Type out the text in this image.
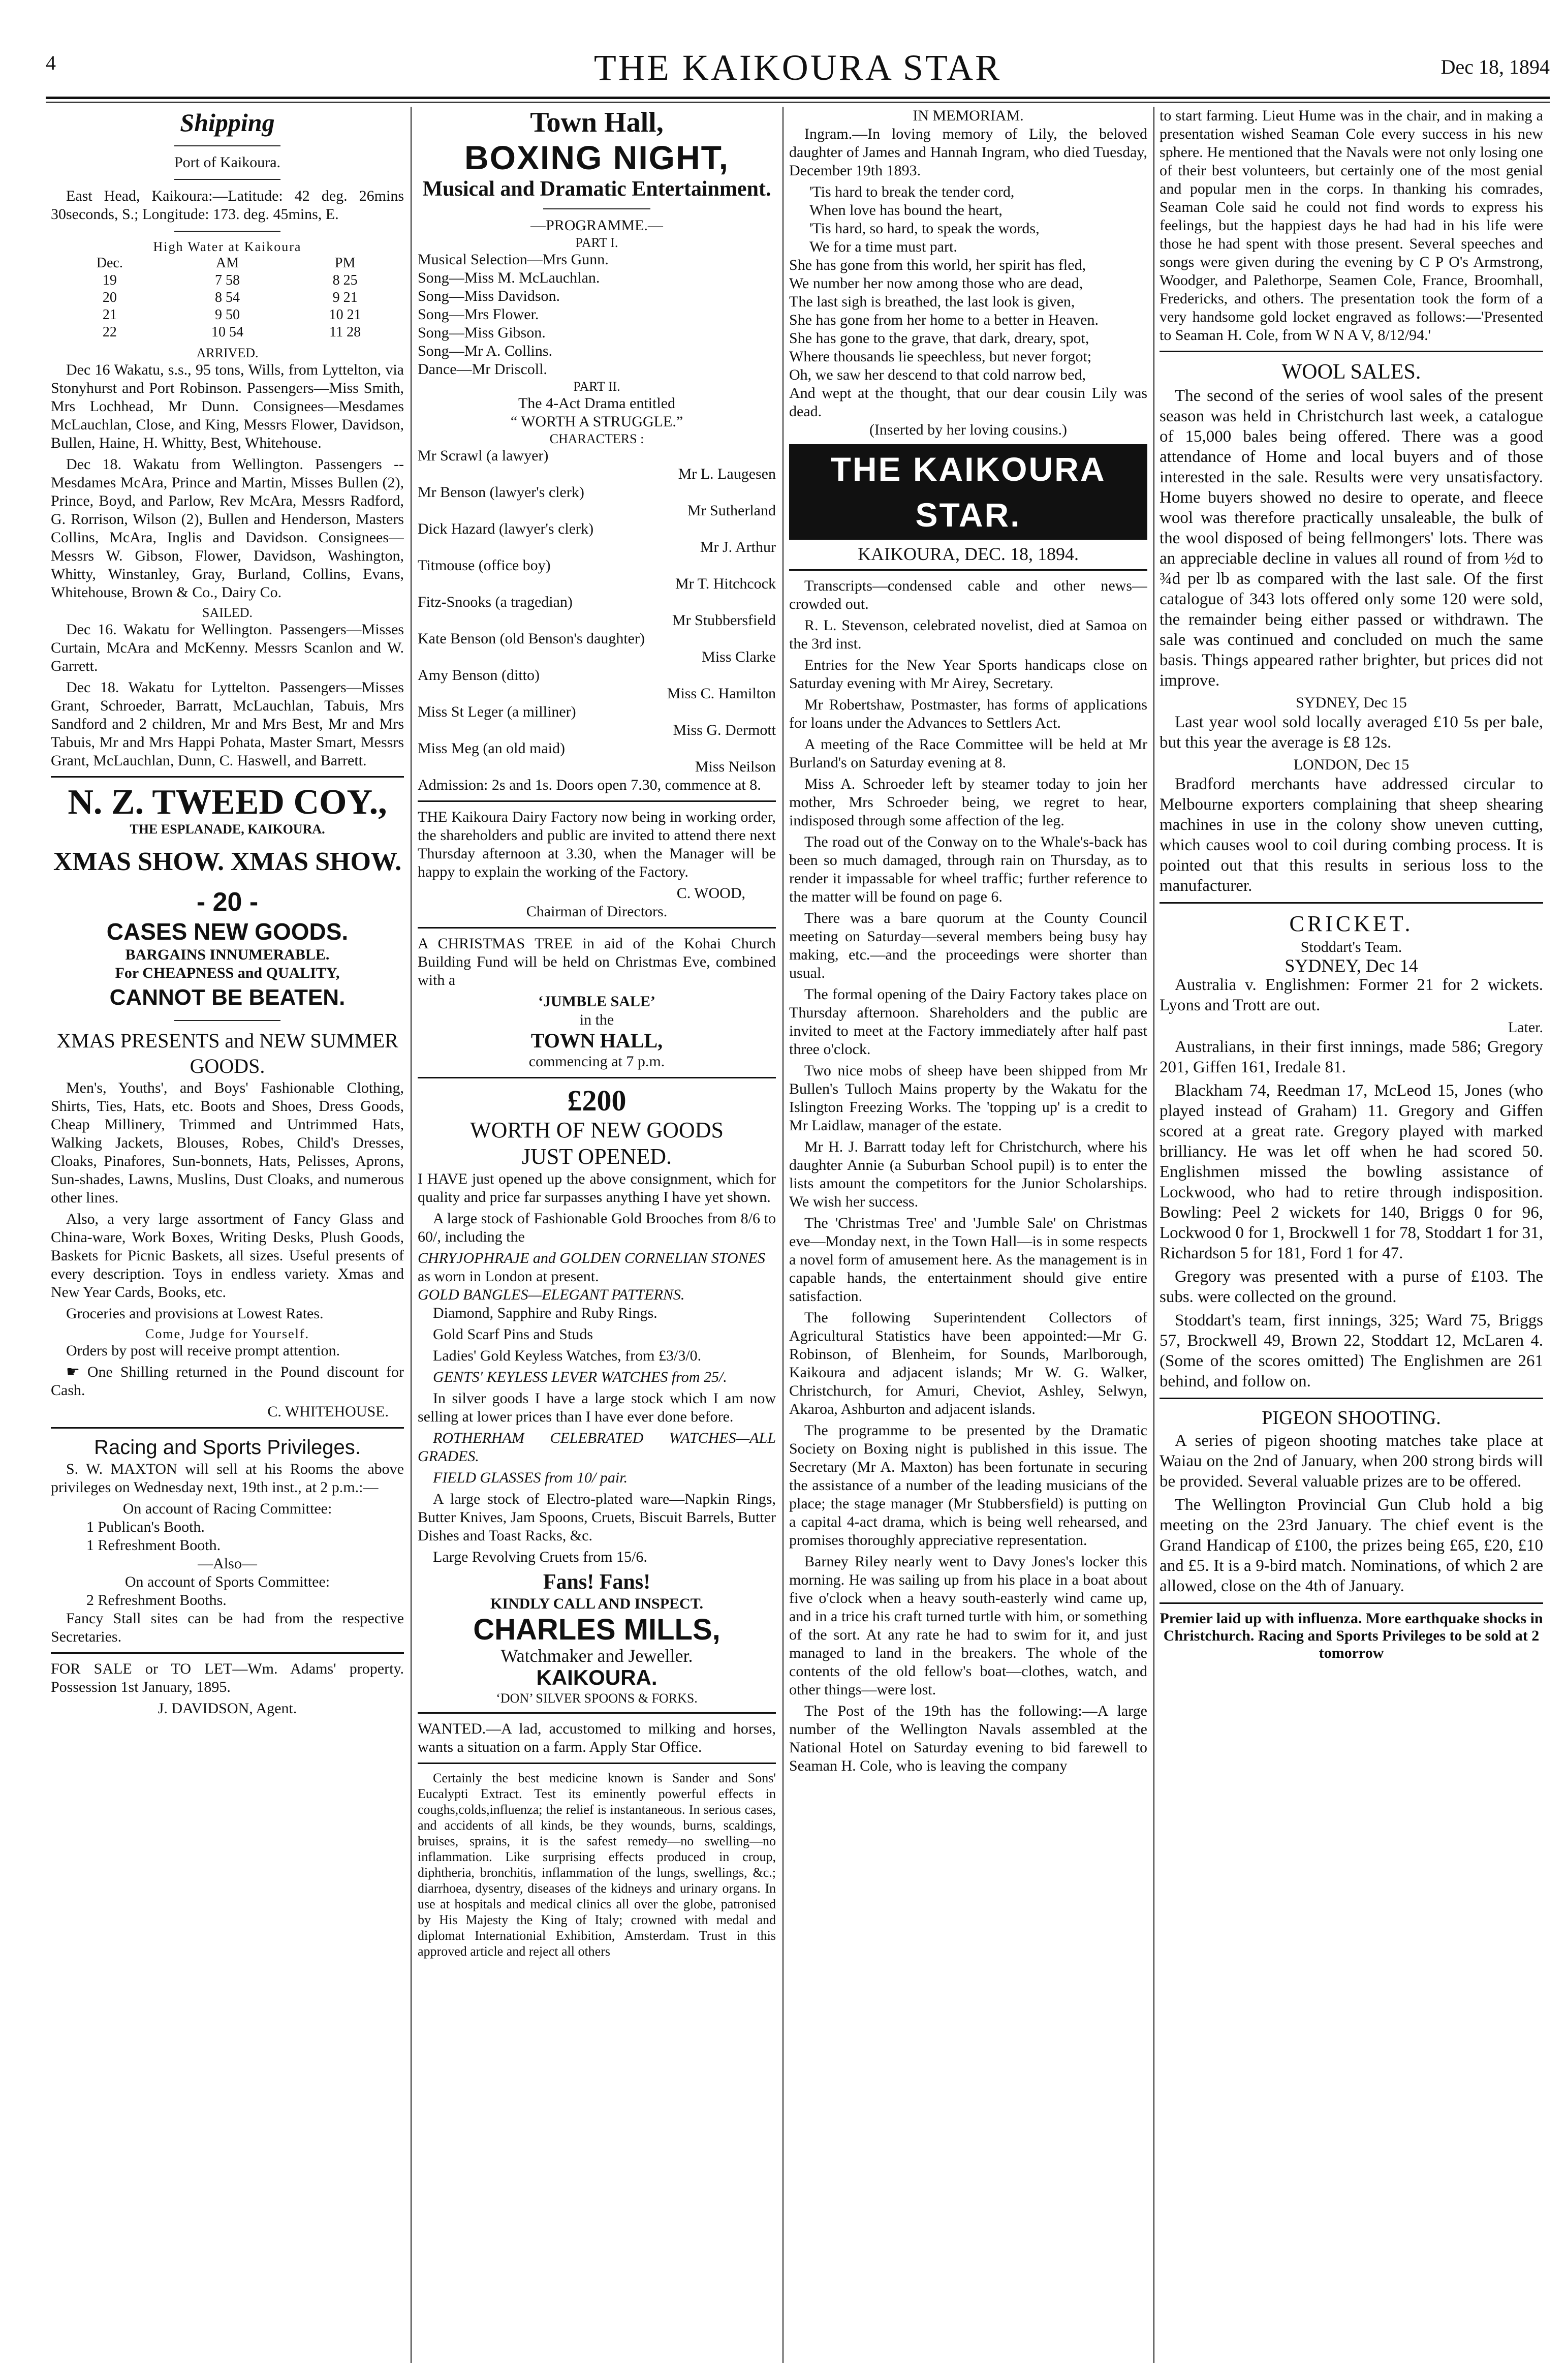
4	THE KAIKOURA STAR	Dec 18, 1894
Shipping
Port of Kaikoura.
East Head, Kaikoura:—Latitude: 42 deg. 26mins 30seconds, S.; Longitude: 173. deg. 45mins, E.
High Water at Kaikoura
Dec.	AM	PM
19	7 58	8 25
20	8 54	9 21
21	9 50	10 21
22	10 54	11 28
ARRIVED.
Dec 16 Wakatu, s.s., 95 tons, Wills, from Lyttelton, via Stonyhurst and Port Robinson. Passengers—Miss Smith, Mrs Lochhead, Mr Dunn. Consignees—Mesdames McLauchlan, Close, and King, Messrs Flower, Davidson, Bullen, Haine, H. Whitty, Best, Whitehouse.
Dec 18. Wakatu from Wellington. Passengers -- Mesdames McAra, Prince and Martin, Misses Bullen (2), Prince, Boyd, and Parlow, Rev McAra, Messrs Radford, G. Rorrison, Wilson (2), Bullen and Henderson, Masters Collins, McAra, Inglis and Davidson. Consignees—Messrs W. Gibson, Flower, Davidson, Washington, Whitty, Winstanley, Gray, Burland, Collins, Evans, Whitehouse, Brown & Co., Dairy Co.
SAILED.
Dec 16. Wakatu for Wellington. Passengers—Misses Curtain, McAra and McKenny. Messrs Scanlon and W. Garrett.
Dec 18. Wakatu for Lyttelton. Passengers—Misses Grant, Schroeder, Barratt, McLauchlan, Tabuis, Mrs Sandford and 2 children, Mr and Mrs Best, Mr and Mrs Tabuis, Mr and Mrs Happi Pohata, Master Smart, Messrs Grant, McLauchlan, Dunn, C. Haswell, and Barrett.
N. Z. TWEED COY.,
THE ESPLANADE, KAIKOURA.
XMAS SHOW. XMAS SHOW.
- 20 -
CASES NEW GOODS.
BARGAINS INNUMERABLE.
For CHEAPNESS and QUALITY,
CANNOT BE BEATEN.
XMAS PRESENTS and NEW SUMMER GOODS.
Men's, Youths', and Boys' Fashionable Clothing, Shirts, Ties, Hats, etc. Boots and Shoes, Dress Goods, Cheap Millinery, Trimmed and Untrimmed Hats, Walking Jackets, Blouses, Robes, Child's Dresses, Cloaks, Pinafores, Sun-bonnets, Hats, Pelisses, Aprons, Sun-shades, Lawns, Muslins, Dust Cloaks, and numerous other lines.
Also, a very large assortment of Fancy Glass and China-ware, Work Boxes, Writing Desks, Plush Goods, Baskets for Picnic Baskets, all sizes. Useful presents of every description. Toys in endless variety. Xmas and New Year Cards, Books, etc.
Groceries and provisions at Lowest Rates.
Come, Judge for Yourself.
Orders by post will receive prompt attention.
☛ One Shilling returned in the Pound discount for Cash.
C. WHITEHOUSE.
Racing and Sports Privileges.
S. W. MAXTON will sell at his Rooms the above privileges on Wednesday next, 19th inst., at 2 p.m.:—
On account of Racing Committee:
1 Publican's Booth.
1 Refreshment Booth.
—Also—
On account of Sports Committee:
2 Refreshment Booths.
Fancy Stall sites can be had from the respective Secretaries.
FOR SALE or TO LET—Wm. Adams' property. Possession 1st January, 1895.
J. DAVIDSON, Agent.
Town Hall,
BOXING NIGHT,
Musical and Dramatic Entertainment.
—PROGRAMME.—
PART I.
Musical Selection—Mrs Gunn.
Song—Miss M. McLauchlan.
Song—Miss Davidson.
Song—Mrs Flower.
Song—Miss Gibson.
Song—Mr A. Collins.
Dance—Mr Driscoll.
PART II.
The 4-Act Drama entitled
“ WORTH A STRUGGLE.”
CHARACTERS :
Mr Scrawl (a lawyer)
Mr L. Laugesen
Mr Benson (lawyer's clerk)
Mr Sutherland
Dick Hazard (lawyer's clerk)
Mr J. Arthur
Titmouse (office boy)
Mr T. Hitchcock
Fitz-Snooks (a tragedian)
Mr Stubbersfield
Kate Benson (old Benson's daughter)
Miss Clarke
Amy Benson (ditto)
Miss C. Hamilton
Miss St Leger (a milliner)
Miss G. Dermott
Miss Meg (an old maid)
Miss Neilson
Admission: 2s and 1s. Doors open 7.30, commence at 8.
THE Kaikoura Dairy Factory now being in working order, the shareholders and public are invited to attend there next Thursday afternoon at 3.30, when the Manager will be happy to explain the working of the Factory.
C. WOOD,
Chairman of Directors.
A CHRISTMAS TREE in aid of the Kohai Church Building Fund will be held on Christmas Eve, combined with a
‘JUMBLE SALE’
in the
TOWN HALL,
commencing at 7 p.m.
£200
WORTH OF NEW GOODS
JUST OPENED.
I HAVE just opened up the above consignment, which for quality and price far surpasses anything I have yet shown.
A large stock of Fashionable Gold Brooches from 8/6 to 60/, including the
CHRYJOPHRAJE and GOLDEN CORNELIAN STONES
as worn in London at present.
GOLD BANGLES—ELEGANT PATTERNS.
Diamond, Sapphire and Ruby Rings.
Gold Scarf Pins and Studs
Ladies' Gold Keyless Watches, from £3/3/0.
GENTS' KEYLESS LEVER WATCHES from 25/.
In silver goods I have a large stock which I am now selling at lower prices than I have ever done before.
ROTHERHAM CELEBRATED WATCHES—ALL GRADES.
FIELD GLASSES from 10/ pair.
A large stock of Electro-plated ware—Napkin Rings, Butter Knives, Jam Spoons, Cruets, Biscuit Barrels, Butter Dishes and Toast Racks, &c.
Large Revolving Cruets from 15/6.
Fans! Fans!
KINDLY CALL AND INSPECT.
CHARLES MILLS,
Watchmaker and Jeweller.
KAIKOURA.
‘DON’ SILVER SPOONS & FORKS.
WANTED.—A lad, accustomed to milking and horses, wants a situation on a farm. Apply Star Office.
Certainly the best medicine known is Sander and Sons' Eucalypti Extract. Test its eminently powerful effects in coughs,colds,influenza; the relief is instantaneous. In serious cases, and accidents of all kinds, be they wounds, burns, scaldings, bruises, sprains, it is the safest remedy—no swelling—no inflammation. Like surprising effects produced in croup, diphtheria, bronchitis, inflammation of the lungs, swellings, &c.; diarrhoea, dysentry, diseases of the kidneys and urinary organs. In use at hospitals and medical clinics all over the globe, patronised by His Majesty the King of Italy; crowned with medal and diplomat Internationial Exhibition, Amsterdam. Trust in this approved article and reject all others
IN MEMORIAM.
Ingram.—In loving memory of Lily, the beloved daughter of James and Hannah Ingram, who died Tuesday, December 19th 1893.
'Tis hard to break the tender cord,
When love has bound the heart,
'Tis hard, so hard, to speak the words,
We for a time must part.
She has gone from this world, her spirit has fled,
We number her now among those who are dead,
The last sigh is breathed, the last look is given,
She has gone from her home to a better in Heaven.
She has gone to the grave, that dark, dreary, spot,
Where thousands lie speechless, but never forgot;
Oh, we saw her descend to that cold narrow bed,
And wept at the thought, that our dear cousin Lily was dead.
(Inserted by her loving cousins.)
THE KAIKOURA STAR.
KAIKOURA, DEC. 18, 1894.
Transcripts—condensed cable and other news—crowded out.
R. L. Stevenson, celebrated novelist, died at Samoa on the 3rd inst.
Entries for the New Year Sports handicaps close on Saturday evening with Mr Airey, Secretary.
Mr Robertshaw, Postmaster, has forms of applications for loans under the Advances to Settlers Act.
A meeting of the Race Committee will be held at Mr Burland's on Saturday evening at 8.
Miss A. Schroeder left by steamer today to join her mother, Mrs Schroeder being, we regret to hear, indisposed through some affection of the leg.
The road out of the Conway on to the Whale's-back has been so much damaged, through rain on Thursday, as to render it impassable for wheel traffic; further reference to the matter will be found on page 6.
There was a bare quorum at the County Council meeting on Saturday—several members being busy hay making, etc.—and the proceedings were shorter than usual.
The formal opening of the Dairy Factory takes place on Thursday afternoon. Shareholders and the public are invited to meet at the Factory immediately after half past three o'clock.
Two nice mobs of sheep have been shipped from Mr Bullen's Tulloch Mains property by the Wakatu for the Islington Freezing Works. The 'topping up' is a credit to Mr Laidlaw, manager of the estate.
Mr H. J. Barratt today left for Christchurch, where his daughter Annie (a Suburban School pupil) is to enter the lists amount the competitors for the Junior Scholarships. We wish her success.
The 'Christmas Tree' and 'Jumble Sale' on Christmas eve—Monday next, in the Town Hall—is in some respects a novel form of amusement here. As the management is in capable hands, the entertainment should give entire satisfaction.
The following Superintendent Collectors of Agricultural Statistics have been appointed:—Mr G. Robinson, of Blenheim, for Sounds, Marlborough, Kaikoura and adjacent islands; Mr W. G. Walker, Christchurch, for Amuri, Cheviot, Ashley, Selwyn, Akaroa, Ashburton and adjacent islands.
The programme to be presented by the Dramatic Society on Boxing night is published in this issue. The Secretary (Mr A. Maxton) has been fortunate in securing the assistance of a number of the leading musicians of the place; the stage manager (Mr Stubbersfield) is putting on a capital 4-act drama, which is being well rehearsed, and promises thoroughly appreciative representation.
Barney Riley nearly went to Davy Jones's locker this morning. He was sailing up from his place in a boat about five o'clock when a heavy south-easterly wind came up, and in a trice his craft turned turtle with him, or something of the sort. At any rate he had to swim for it, and just managed to land in the breakers. The whole of the contents of the old fellow's boat—clothes, watch, and other things—were lost.
The Post of the 19th has the following:—A large number of the Wellington Navals assembled at the National Hotel on Saturday evening to bid farewell to Seaman H. Cole, who is leaving the company
to start farming. Lieut Hume was in the chair, and in making a presentation wished Seaman Cole every success in his new sphere. He mentioned that the Navals were not only losing one of their best volunteers, but certainly one of the most genial and popular men in the corps. In thanking his comrades, Seaman Cole said he could not find words to express his feelings, but the happiest days he had had in his life were those he had spent with those present. Several speeches and songs were given during the evening by C P O's Armstrong, Woodger, and Palethorpe, Seamen Cole, France, Broomhall, Fredericks, and others. The presentation took the form of a very handsome gold locket engraved as follows:—'Presented to Seaman H. Cole, from W N A V, 8/12/94.'
WOOL SALES.
The second of the series of wool sales of the present season was held in Christchurch last week, a catalogue of 15,000 bales being offered. There was a good attendance of Home and local buyers and of those interested in the sale. Results were very unsatisfactory. Home buyers showed no desire to operate, and fleece wool was therefore practically unsaleable, the bulk of the wool disposed of being fellmongers' lots. There was an appreciable decline in values all round of from ½d to ¾d per lb as compared with the last sale. Of the first catalogue of 343 lots offered only some 120 were sold, the remainder being either passed or withdrawn. The sale was continued and concluded on much the same basis. Things appeared rather brighter, but prices did not improve.
SYDNEY, Dec 15
Last year wool sold locally averaged £10 5s per bale, but this year the average is £8 12s.
LONDON, Dec 15
Bradford merchants have addressed circular to Melbourne exporters complaining that sheep shearing machines in use in the colony show uneven cutting, which causes wool to coil during combing process. It is pointed out that this results in serious loss to the manufacturer.
CRICKET.
Stoddart's Team.
SYDNEY, Dec 14
Australia v. Englishmen: Former 21 for 2 wickets. Lyons and Trott are out.
Later.
Australians, in their first innings, made 586; Gregory 201, Giffen 161, Iredale 81.
Blackham 74, Reedman 17, McLeod 15, Jones (who played instead of Graham) 11. Gregory and Giffen scored at a great rate. Gregory played with marked brilliancy. He was let off when he had scored 50. Englishmen missed the bowling assistance of Lockwood, who had to retire through indisposition. Bowling: Peel 2 wickets for 140, Briggs 0 for 96, Lockwood 0 for 1, Brockwell 1 for 78, Stoddart 1 for 31, Richardson 5 for 181, Ford 1 for 47.
Gregory was presented with a purse of £103. The subs. were collected on the ground.
Stoddart's team, first innings, 325; Ward 75, Briggs 57, Brockwell 49, Brown 22, Stoddart 12, McLaren 4. (Some of the scores omitted) The Englishmen are 261 behind, and follow on.
PIGEON SHOOTING.
A series of pigeon shooting matches take place at Waiau on the 2nd of January, when 200 strong birds will be provided. Several valuable prizes are to be offered.
The Wellington Provincial Gun Club hold a big meeting on the 23rd January. The chief event is the Grand Handicap of £100, the prizes being £65, £20, £10 and £5. It is a 9-bird match. Nominations, of which 2 are allowed, close on the 4th of January.
Premier laid up with influenza. More earthquake shocks in Christchurch. Racing and Sports Privileges to be sold at 2 tomorrow
